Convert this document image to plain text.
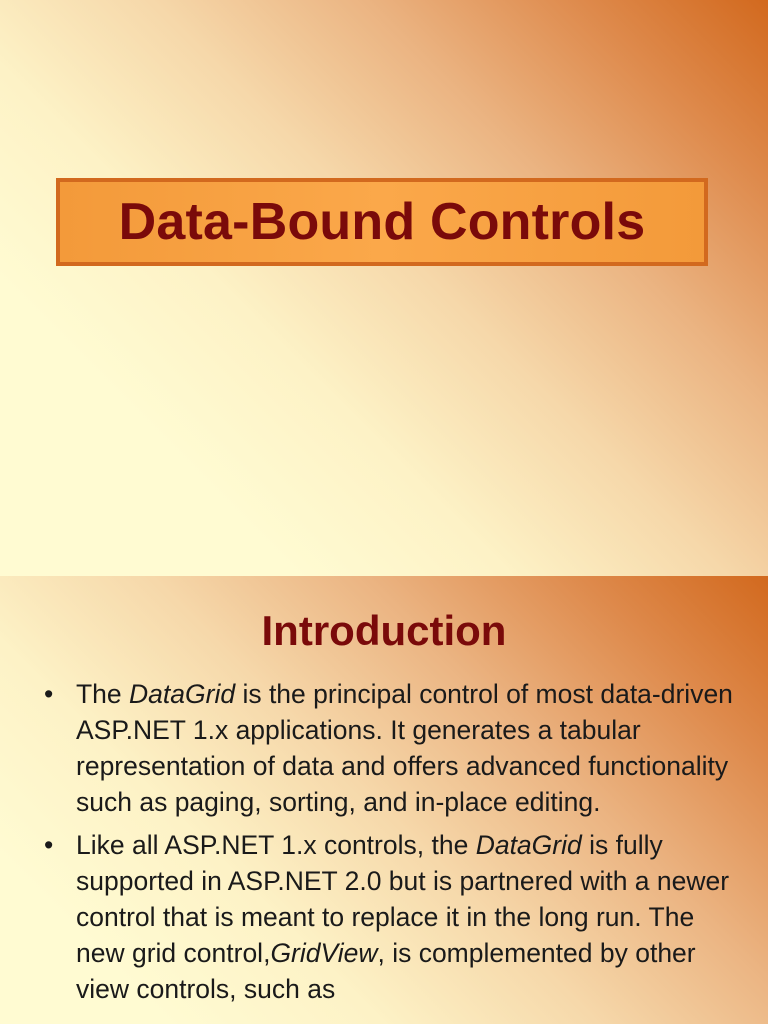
Data-Bound Controls
Introduction
• The DataGrid is the principal control of most data-driven ASP.NET 1.x applications. It generates a tabular representation of data and offers advanced functionality such as paging, sorting, and in-place editing.
• Like all ASP.NET 1.x controls, the DataGrid is fully supported in ASP.NET 2.0 but is partnered with a newer control that is meant to replace it in the long run. The new grid control,GridView, is complemented by other view controls, such as
